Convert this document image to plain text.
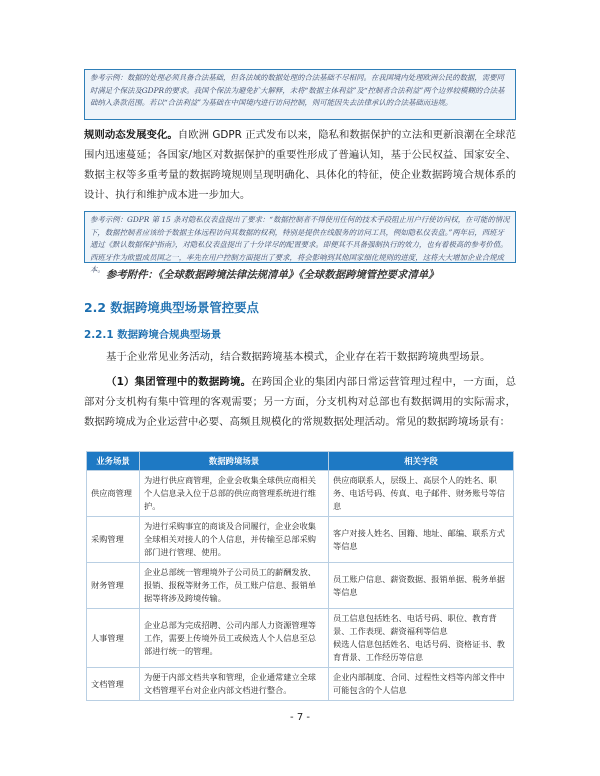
参考示例：数据的处理必须具备合法基础，但各法域的数据处理的合法基础不尽相同。在我国境内处理欧洲公民的数据，需要同时满足个保法及GDPR的要求。我国个保法为避免扩大解释，未将“数据主体利益”及“控制者合法利益”两个边界较模糊的合法基础纳入条款范围。若以“合法利益”为基础在中国境内进行访问控制，则可能因失去法律承认的合法基础而违规。
规则动态发展变化。自欧洲 GDPR 正式发布以来，隐私和数据保护的立法和更新浪潮在全球范围内迅速蔓延；各国家/地区对数据保护的重要性形成了普遍认知，基于公民权益、国家安全、数据主权等多重考量的数据跨境规则呈现明确化、具体化的特征，使企业数据跨境合规体系的设计、执行和维护成本进一步加大。
参考示例：GDPR 第 15 条对隐私仪表盘提出了要求：“数据控制者不得使用任何的技术手段阻止用户行使访问权，在可能的情况下，数据控制者应该给予数据主体远程访问其数据的权利，特别是提供在线服务的访问工具，例如隐私仪表盘。”两年后，西班牙通过《默认数据保护指南》，对隐私仪表盘提出了十分详尽的配置要求。即便其不具备强制执行的效力，也有着极高的参考价值。西班牙作为欧盟成员国之一，率先在用户控制方面提出了要求，将会影响到其他国家细化规则的进度，这将大大增加企业合规成本。 参考附件：《全球数据跨境法律法规清单》《全球数据跨境管控要求清单》
2.2 数据跨境典型场景管控要点
2.2.1 数据跨境合规典型场景
基于企业常见业务活动，结合数据跨境基本模式，企业存在若干数据跨境典型场景。
（1）集团管理中的数据跨境。在跨国企业的集团内部日常运营管理过程中，一方面，总部对分支机构有集中管理的客观需要；另一方面，分支机构对总部也有数据调用的实际需求，数据跨境成为企业运营中必要、高频且规模化的常规数据处理活动。常见的数据跨境场景有：
业务场景	数据跨境场景	相关字段
供应商管理	为进行供应商管理，企业会收集全球供应商相关个人信息录入位于总部的供应商管理系统进行维护。	供应商联系人，层级上、高层个人的姓名、职务、电话号码、传真、电子邮件、财务账号等信息
采购管理	为进行采购事宜的商谈及合同履行，企业会收集全球相关对接人的个人信息，并传输至总部采购部门进行管理、使用。	客户对接人姓名、国籍、地址、邮编、联系方式等信息
财务管理	企业总部统一管理境外子公司员工的薪酬发放、报销、报税等财务工作，员工账户信息、报销单据等将涉及跨境传输。	员工账户信息、薪资数据、报销单据、税务单据等信息
人事管理	企业总部为完成招聘、公司内部人力资源管理等工作，需要上传境外员工或候选人个人信息至总部进行统一的管理。	员工信息包括姓名、电话号码、职位、教育背景、工作表现、薪资福利等信息
候选人信息包括姓名、电话号码、资格证书、教育背景、工作经历等信息
文档管理	为便于内部文档共享和管理，企业通常建立全球文档管理平台对企业内部文档进行整合。	企业内部制度、合同、过程性文档等内部文件中可能包含的个人信息
- 7 -
